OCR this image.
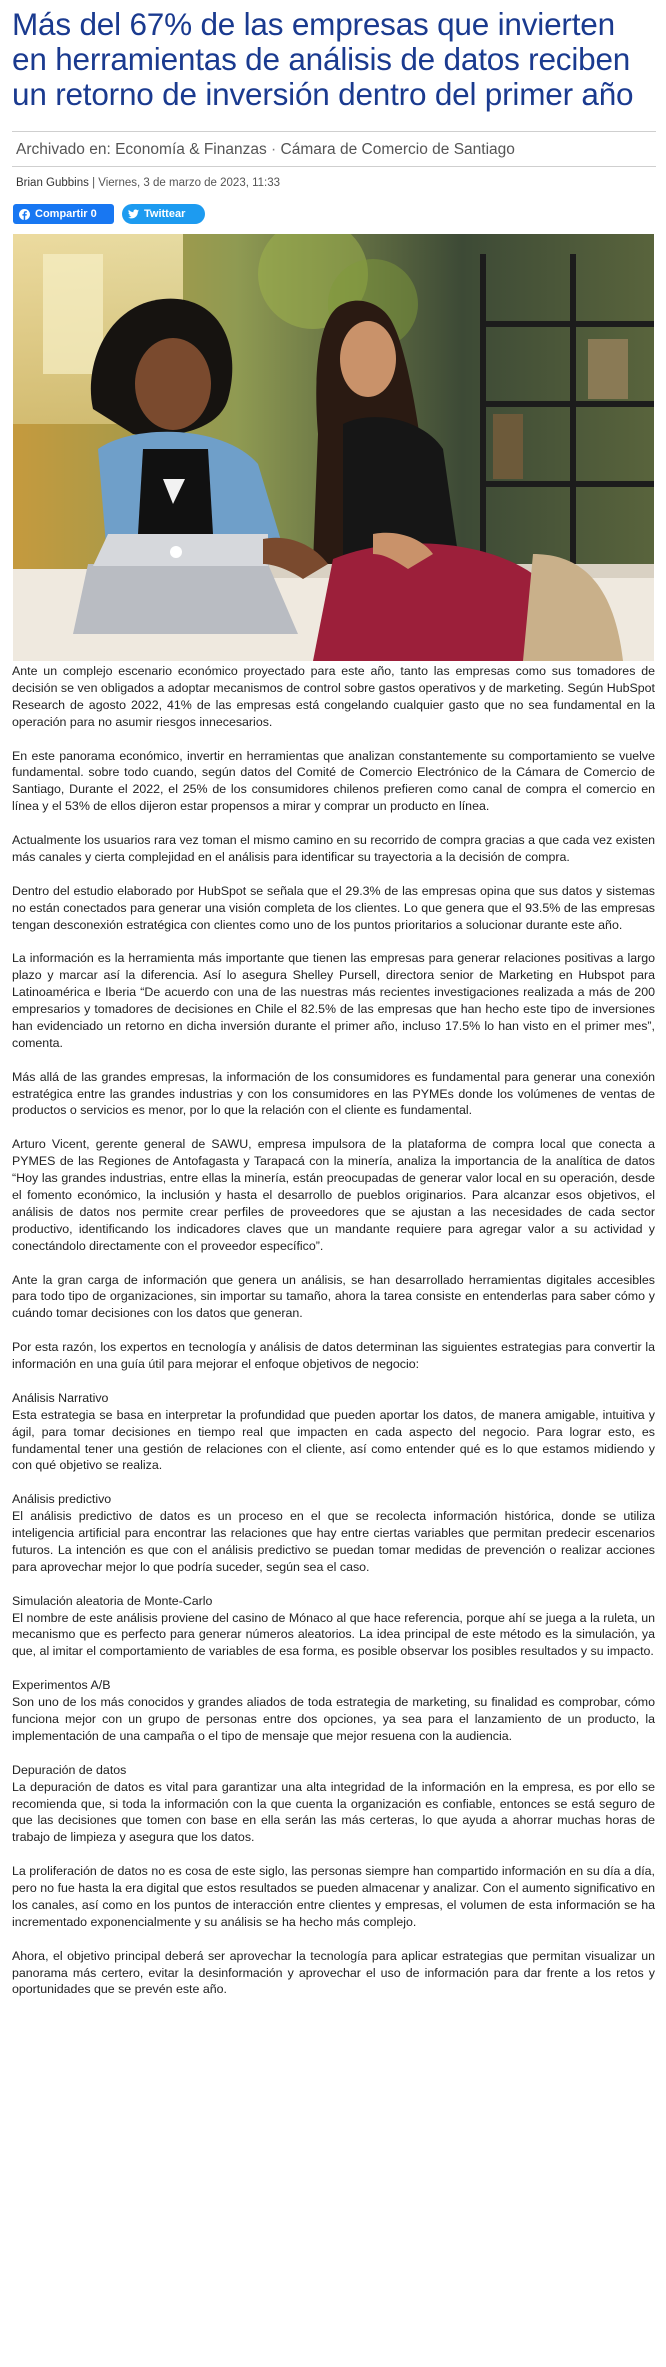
Más del 67% de las empresas que invierten en herramientas de análisis de datos reciben un retorno de inversión dentro del primer año
Archivado en: Economía & Finanzas · Cámara de Comercio de Santiago
Brian Gubbins | Viernes, 3 de marzo de 2023, 11:33
Compartir 0	Twittear

Ante un complejo escenario económico proyectado para este año, tanto las empresas como sus tomadores de decisión se ven obligados a adoptar mecanismos de control sobre gastos operativos y de marketing. Según HubSpot Research de agosto 2022, 41% de las empresas está congelando cualquier gasto que no sea fundamental en la operación para no asumir riesgos innecesarios.

En este panorama económico, invertir en herramientas que analizan constantemente su comportamiento se vuelve fundamental. sobre todo cuando, según datos del Comité de Comercio Electrónico de la Cámara de Comercio de Santiago, Durante el 2022, el 25% de los consumidores chilenos prefieren como canal de compra el comercio en línea y el 53% de ellos dijeron estar propensos a mirar y comprar un producto en línea.

Actualmente los usuarios rara vez toman el mismo camino en su recorrido de compra gracias a que cada vez existen más canales y cierta complejidad en el análisis para identificar su trayectoria a la decisión de compra.

Dentro del estudio elaborado por HubSpot se señala que el 29.3% de las empresas opina que sus datos y sistemas no están conectados para generar una visión completa de los clientes. Lo que genera que el 93.5% de las empresas tengan desconexión estratégica con clientes como uno de los puntos prioritarios a solucionar durante este año.

La información es la herramienta más importante que tienen las empresas para generar relaciones positivas a largo plazo y marcar así la diferencia. Así lo asegura Shelley Pursell, directora senior de Marketing en Hubspot para Latinoamérica e Iberia “De acuerdo con una de las nuestras más recientes investigaciones realizada a más de 200 empresarios y tomadores de decisiones en Chile el 82.5% de las empresas que han hecho este tipo de inversiones han evidenciado un retorno en dicha inversión durante el primer año, incluso 17.5% lo han visto en el primer mes”, comenta.

Más allá de las grandes empresas, la información de los consumidores es fundamental para generar una conexión estratégica entre las grandes industrias y con los consumidores en las PYMEs donde los volúmenes de ventas de productos o servicios es menor, por lo que la relación con el cliente es fundamental.

Arturo Vicent, gerente general de SAWU, empresa impulsora de la plataforma de compra local que conecta a PYMES de las Regiones de Antofagasta y Tarapacá con la minería, analiza la importancia de la analítica de datos “Hoy las grandes industrias, entre ellas la minería, están preocupadas de generar valor local en su operación, desde el fomento económico, la inclusión y hasta el desarrollo de pueblos originarios. Para alcanzar esos objetivos, el análisis de datos nos permite crear perfiles de proveedores que se ajustan a las necesidades de cada sector productivo, identificando los indicadores claves que un mandante requiere para agregar valor a su actividad y conectándolo directamente con el proveedor específico”.

Ante la gran carga de información que genera un análisis, se han desarrollado herramientas digitales accesibles para todo tipo de organizaciones, sin importar su tamaño, ahora la tarea consiste en entenderlas para saber cómo y cuándo tomar decisiones con los datos que generan.

Por esta razón, los expertos en tecnología y análisis de datos determinan las siguientes estrategias para convertir la información en una guía útil para mejorar el enfoque objetivos de negocio:

Análisis Narrativo
Esta estrategia se basa en interpretar la profundidad que pueden aportar los datos, de manera amigable, intuitiva y ágil, para tomar decisiones en tiempo real que impacten en cada aspecto del negocio. Para lograr esto, es fundamental tener una gestión de relaciones con el cliente, así como entender qué es lo que estamos midiendo y con qué objetivo se realiza.

Análisis predictivo
El análisis predictivo de datos es un proceso en el que se recolecta información histórica, donde se utiliza inteligencia artificial para encontrar las relaciones que hay entre ciertas variables que permitan predecir escenarios futuros. La intención es que con el análisis predictivo se puedan tomar medidas de prevención o realizar acciones para aprovechar mejor lo que podría suceder, según sea el caso.

Simulación aleatoria de Monte-Carlo
El nombre de este análisis proviene del casino de Mónaco al que hace referencia, porque ahí se juega a la ruleta, un mecanismo que es perfecto para generar números aleatorios. La idea principal de este método es la simulación, ya que, al imitar el comportamiento de variables de esa forma, es posible observar los posibles resultados y su impacto.

Experimentos A/B
Son uno de los más conocidos y grandes aliados de toda estrategia de marketing, su finalidad es comprobar, cómo funciona mejor con un grupo de personas entre dos opciones, ya sea para el lanzamiento de un producto, la implementación de una campaña o el tipo de mensaje que mejor resuena con la audiencia.

Depuración de datos
La depuración de datos es vital para garantizar una alta integridad de la información en la empresa, es por ello se recomienda que, si toda la información con la que cuenta la organización es confiable, entonces se está seguro de que las decisiones que tomen con base en ella serán las más certeras, lo que ayuda a ahorrar muchas horas de trabajo de limpieza y asegura que los datos.

La proliferación de datos no es cosa de este siglo, las personas siempre han compartido información en su día a día, pero no fue hasta la era digital que estos resultados se pueden almacenar y analizar. Con el aumento significativo en los canales, así como en los puntos de interacción entre clientes y empresas, el volumen de esta información se ha incrementado exponencialmente y su análisis se ha hecho más complejo.

Ahora, el objetivo principal deberá ser aprovechar la tecnología para aplicar estrategias que permitan visualizar un panorama más certero, evitar la desinformación y aprovechar el uso de información para dar frente a los retos y oportunidades que se prevén este año.
